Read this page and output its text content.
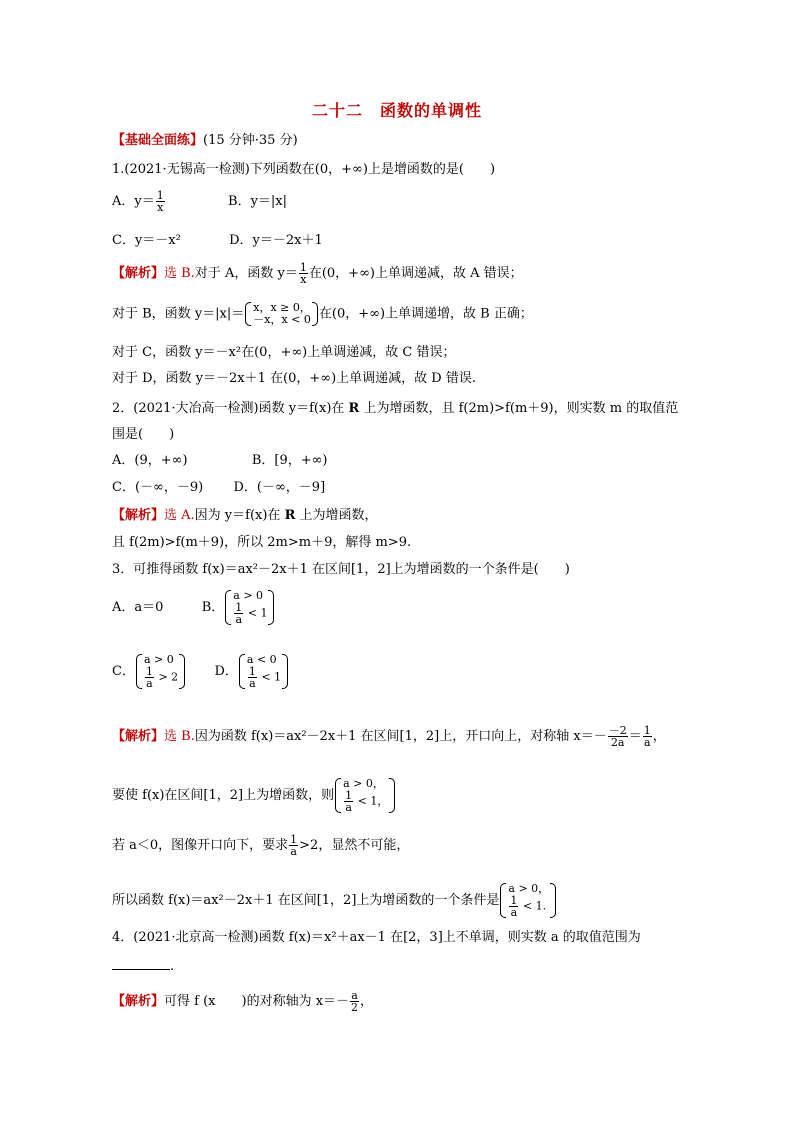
二十二　函数的单调性
【基础全面练】(15 分钟·35 分)
1.(2021·无锡高一检测)下列函数在(0，+∞)上是增函数的是(　　)
A．$y= \frac{1}{x}$	B．y＝|x|
C．y＝－x²	D．y＝－2x＋1
【解析】选 B.对于 A，函数 $y= \frac{1}{x}$ 在(0，+∞)上单调递减，故 A 错误；
对于 B，函数 y＝|x|＝ x，x ≥ 0，
－x，x < 0 在(0，+∞)上单调递增，故 B 正确；
对于 C，函数 y＝－x²在(0，+∞)上单调递减，故 C 错误；
对于 D，函数 y＝－2x＋1 在(0，+∞)上单调递减，故 D 错误.
2．(2021·大冶高一检测)函数 y＝f(x)在 R 上为增函数，且 f(2m)>f(m＋9)，则实数 m 的取值范
围是(　　)
A．(9，+∞)	B．[9，+∞)
C．(－∞，－9) D．(－∞，－9]
【解析】选 A.因为 y＝f(x)在 R 上为增函数，
且 f(2m)>f(m＋9)，所以 2m>m＋9，解得 m>9.
3．可推得函数 f(x)＝ax²－2x＋1 在区间[1，2]上为增函数的一个条件是(　　)
A．a＝0	B．
a > 0
$\frac{1}{a} < 1$
C．
a > 0
$\frac{1}{a} > 2$	D．
a < 0
$\frac{1}{a} < 1$
【解析】选 B.因为函数 f(x)＝ax²－2x＋1 在区间[1，2]上，开口向上，对称轴 $x=- \frac{-2}{2a} = \frac{1}{a}$ ，
要使 f(x)在区间[1，2]上为增函数，则
a > 0，
$\frac{1}{a} < 1$，
若 a＜0，图像开口向下，要求 $\frac{1}{a} >2$，显然不可能，
所以函数 f(x)＝ax²－2x＋1 在区间[1，2]上为增函数的一个条件是
a > 0，
$\frac{1}{a} < 1$.
4．(2021·北京高一检测)函数 f(x)＝x²＋ax－1 在[2，3]上不单调，则实数 a 的取值范围为
.
【解析】可得 f (x　　)的对称轴为 $x=- \frac{a}{2}$ ，
